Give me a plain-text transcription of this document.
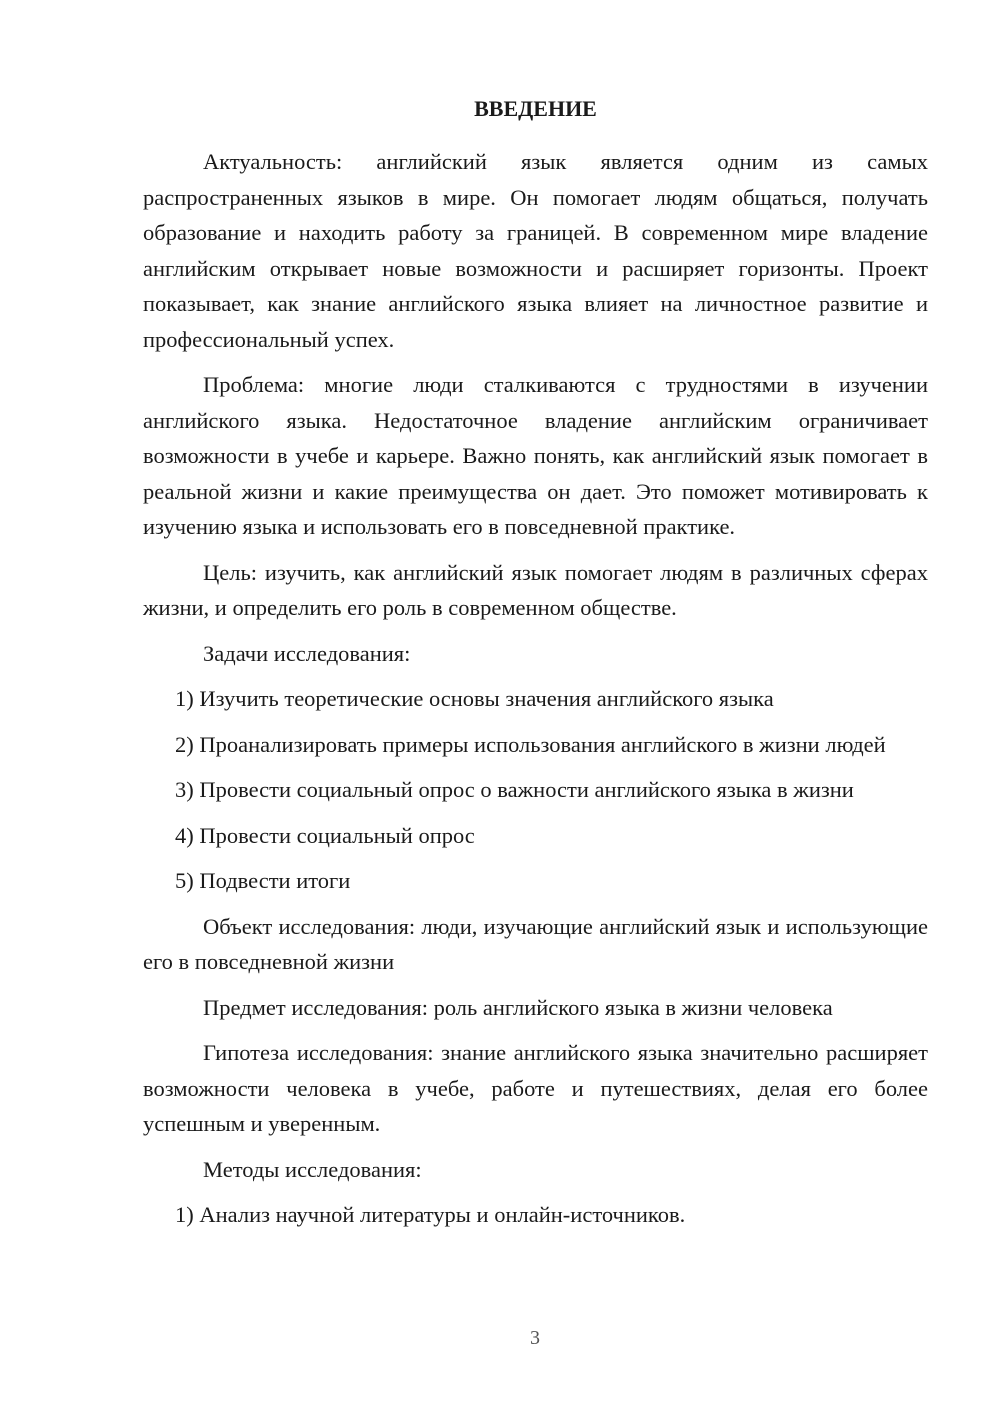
ВВЕДЕНИЕ

Актуальность: английский язык является одним из самых распространенных языков в мире. Он помогает людям общаться, получать образование и находить работу за границей. В современном мире владение английским открывает новые возможности и расширяет горизонты. Проект показывает, как знание английского языка влияет на личностное развитие и профессиональный успех.

Проблема: многие люди сталкиваются с трудностями в изучении английского языка. Недостаточное владение английским ограничивает возможности в учебе и карьере. Важно понять, как английский язык помогает в реальной жизни и какие преимущества он дает. Это поможет мотивировать к изучению языка и использовать его в повседневной практике.

Цель: изучить, как английский язык помогает людям в различных сферах жизни, и определить его роль в современном обществе.

Задачи исследования:

1) Изучить теоретические основы значения английского языка

2) Проанализировать примеры использования английского в жизни людей

3) Провести социальный опрос о важности английского языка в жизни

4) Провести социальный опрос

5) Подвести итоги

Объект исследования: люди, изучающие английский язык и использующие его в повседневной жизни

Предмет исследования: роль английского языка в жизни человека

Гипотеза исследования: знание английского языка значительно расширяет возможности человека в учебе, работе и путешествиях, делая его более успешным и уверенным.

Методы исследования:

1) Анализ научной литературы и онлайн-источников.

3
